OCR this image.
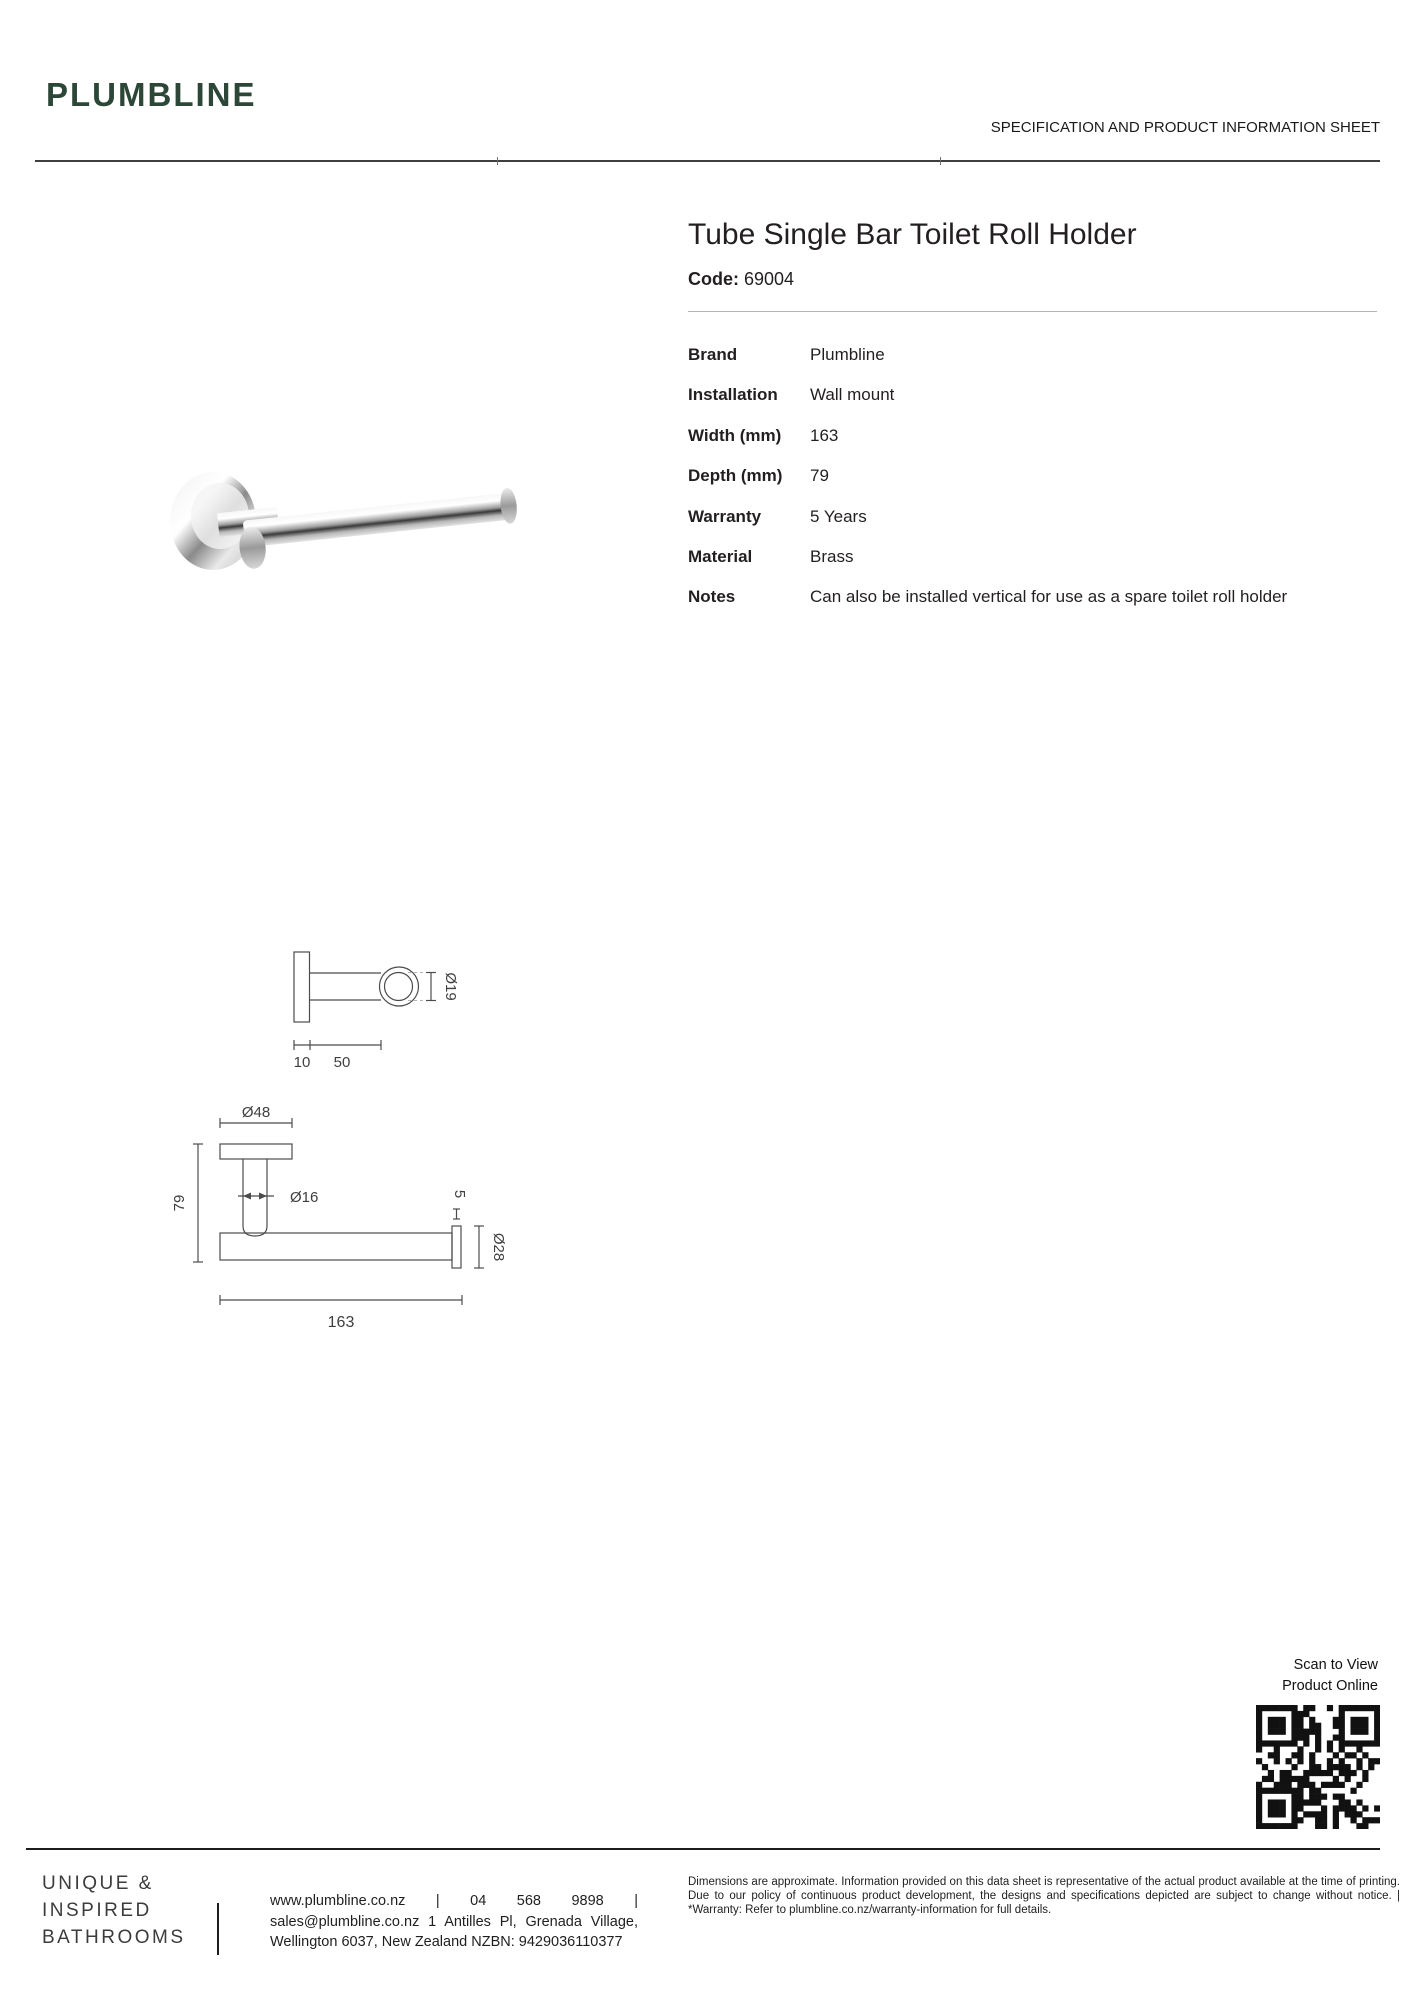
PLUMBLINE
SPECIFICATION AND PRODUCT INFORMATION SHEET
Tube Single Bar Toilet Roll Holder
Code: 69004
Brand	Plumbline
Installation	Wall mount
Width (mm)	163
Depth (mm)	79
Warranty	5 Years
Material	Brass
Notes	Can also be installed vertical for use as a spare toilet roll holder
Ø19
10 50
Ø48
79	Ø16	5
Ø28
163
Scan to View
Product Online
UNIQUE &
INSPIRED
BATHROOMS
www.plumbline.co.nz | 04 568 9898 | sales@plumbline.co.nz 1 Antilles Pl, Grenada Village, Wellington 6037, New Zealand NZBN: 9429036110377
Dimensions are approximate. Information provided on this data sheet is representative of the actual product available at the time of printing. Due to our policy of continuous product development, the designs and specifications depicted are subject to change without notice. | *Warranty: Refer to plumbline.co.nz/warranty-information for full details.
